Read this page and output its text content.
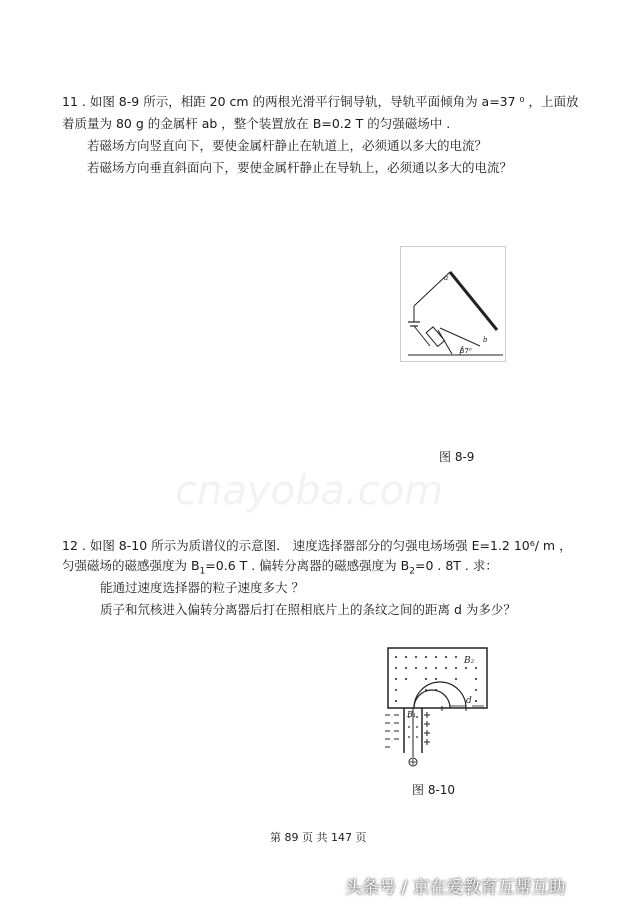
cnayoba.com
11 . 如图 8-9 所示，相距 20 cm 的两根光滑平行铜导轨，导轨平面倾角为 a=37 ⁰ ，上面放
着质量为 80 g 的金属杆 ab ，整个装置放在 B=0.2 T 的匀强磁场中 .
若磁场方向竖直向下，要使金属杆静止在轨道上，必须通以多大的电流？
若磁场方向垂直斜面向下，要使金属杆静止在导轨上，必须通以多大的电流？
a
b
37⁰
图 8-9
12 . 如图 8-10 所示为质谱仪的示意图． 速度选择器部分的匀强电场场强 E=1.2 10⁶/ m ，
匀强磁场的磁感强度为 $B_1=0.6$ T . 偏转分离器的磁感强度为 $B_2=0$ . 8T . 求：
能通过速度选择器的粒子速度多大 ？
质子和氘核进入偏转分离器后打在照相底片上的条纹之间的距离 d 为多少？
B₂
B₁
d
图 8-10
第 89 页 共 147 页
头条号 / 京在爱教育互帮互助
